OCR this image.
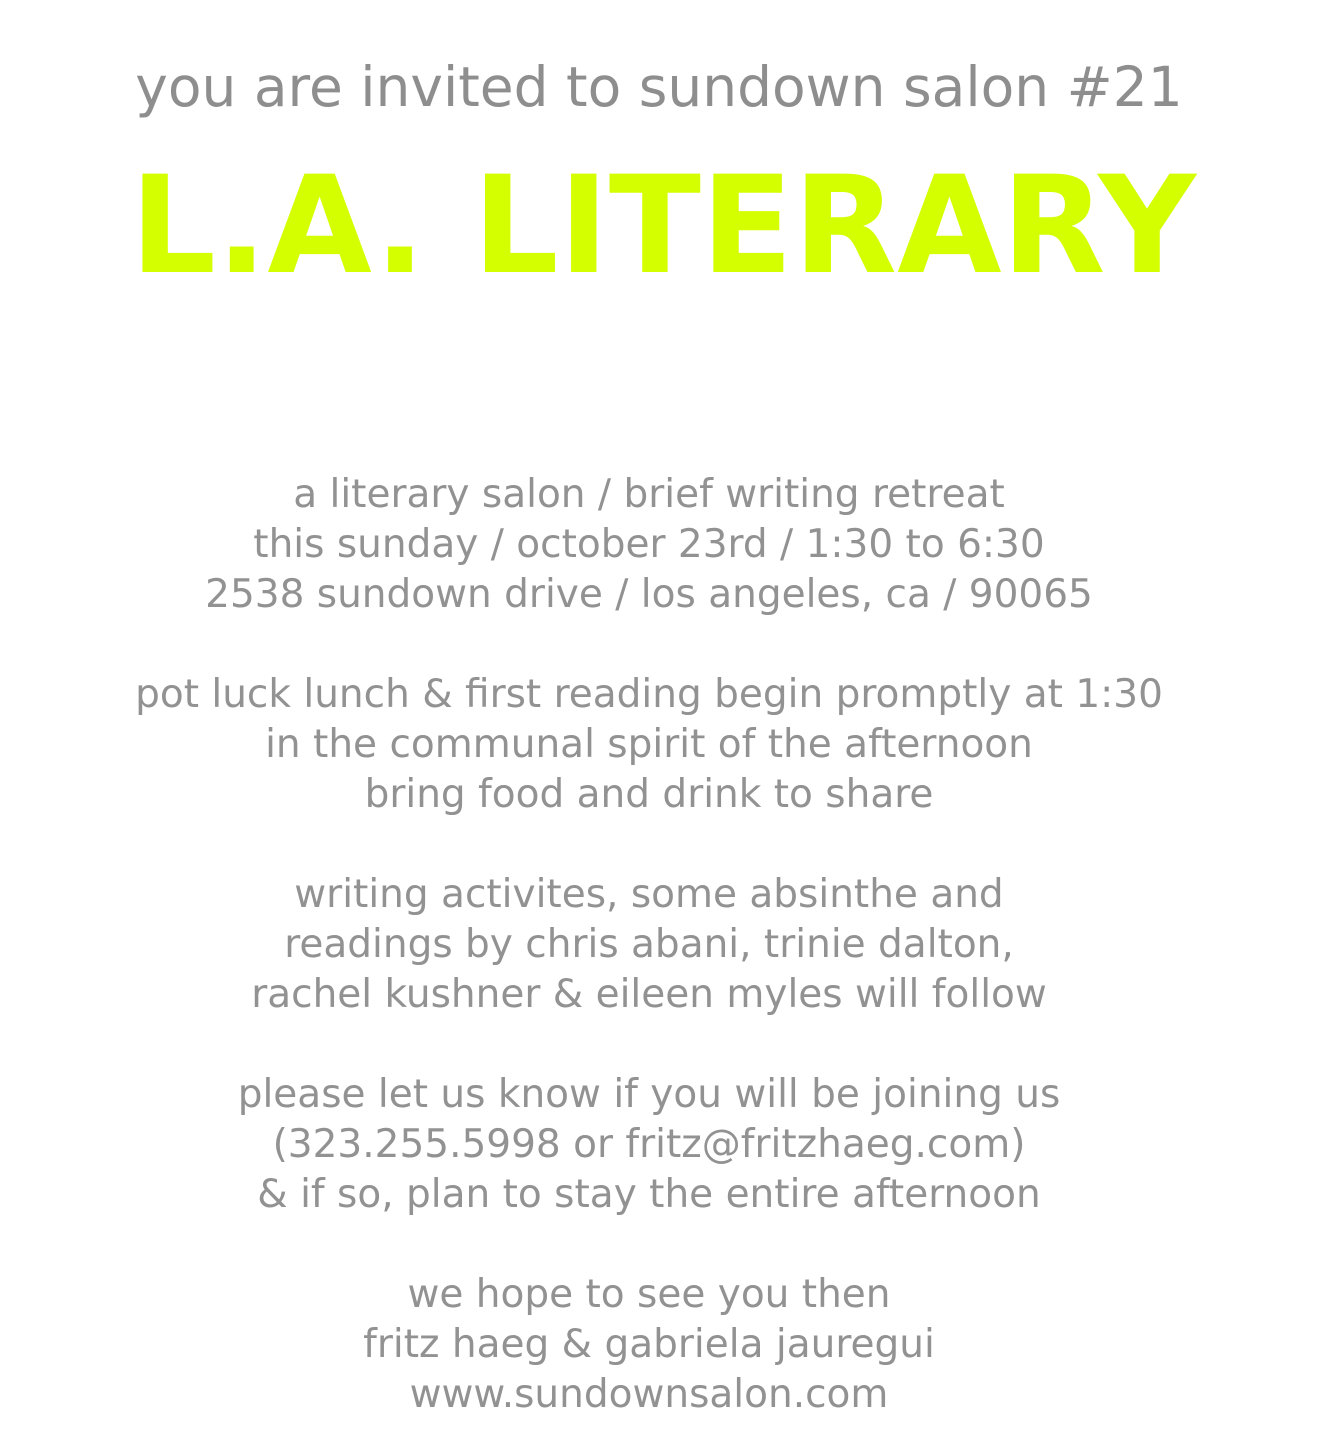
you are invited to sundown salon #21
L.A. LITERARY
a literary salon / brief writing retreat
this sunday / october 23rd / 1:30 to 6:30
2538 sundown drive / los angeles, ca / 90065
pot luck lunch & first reading begin promptly at 1:30
in the communal spirit of the afternoon
bring food and drink to share
writing activites, some absinthe and
readings by chris abani, trinie dalton,
rachel kushner & eileen myles will follow
please let us know if you will be joining us
(323.255.5998 or fritz@fritzhaeg.com)
& if so, plan to stay the entire afternoon
we hope to see you then
fritz haeg & gabriela jauregui
www.sundownsalon.com
